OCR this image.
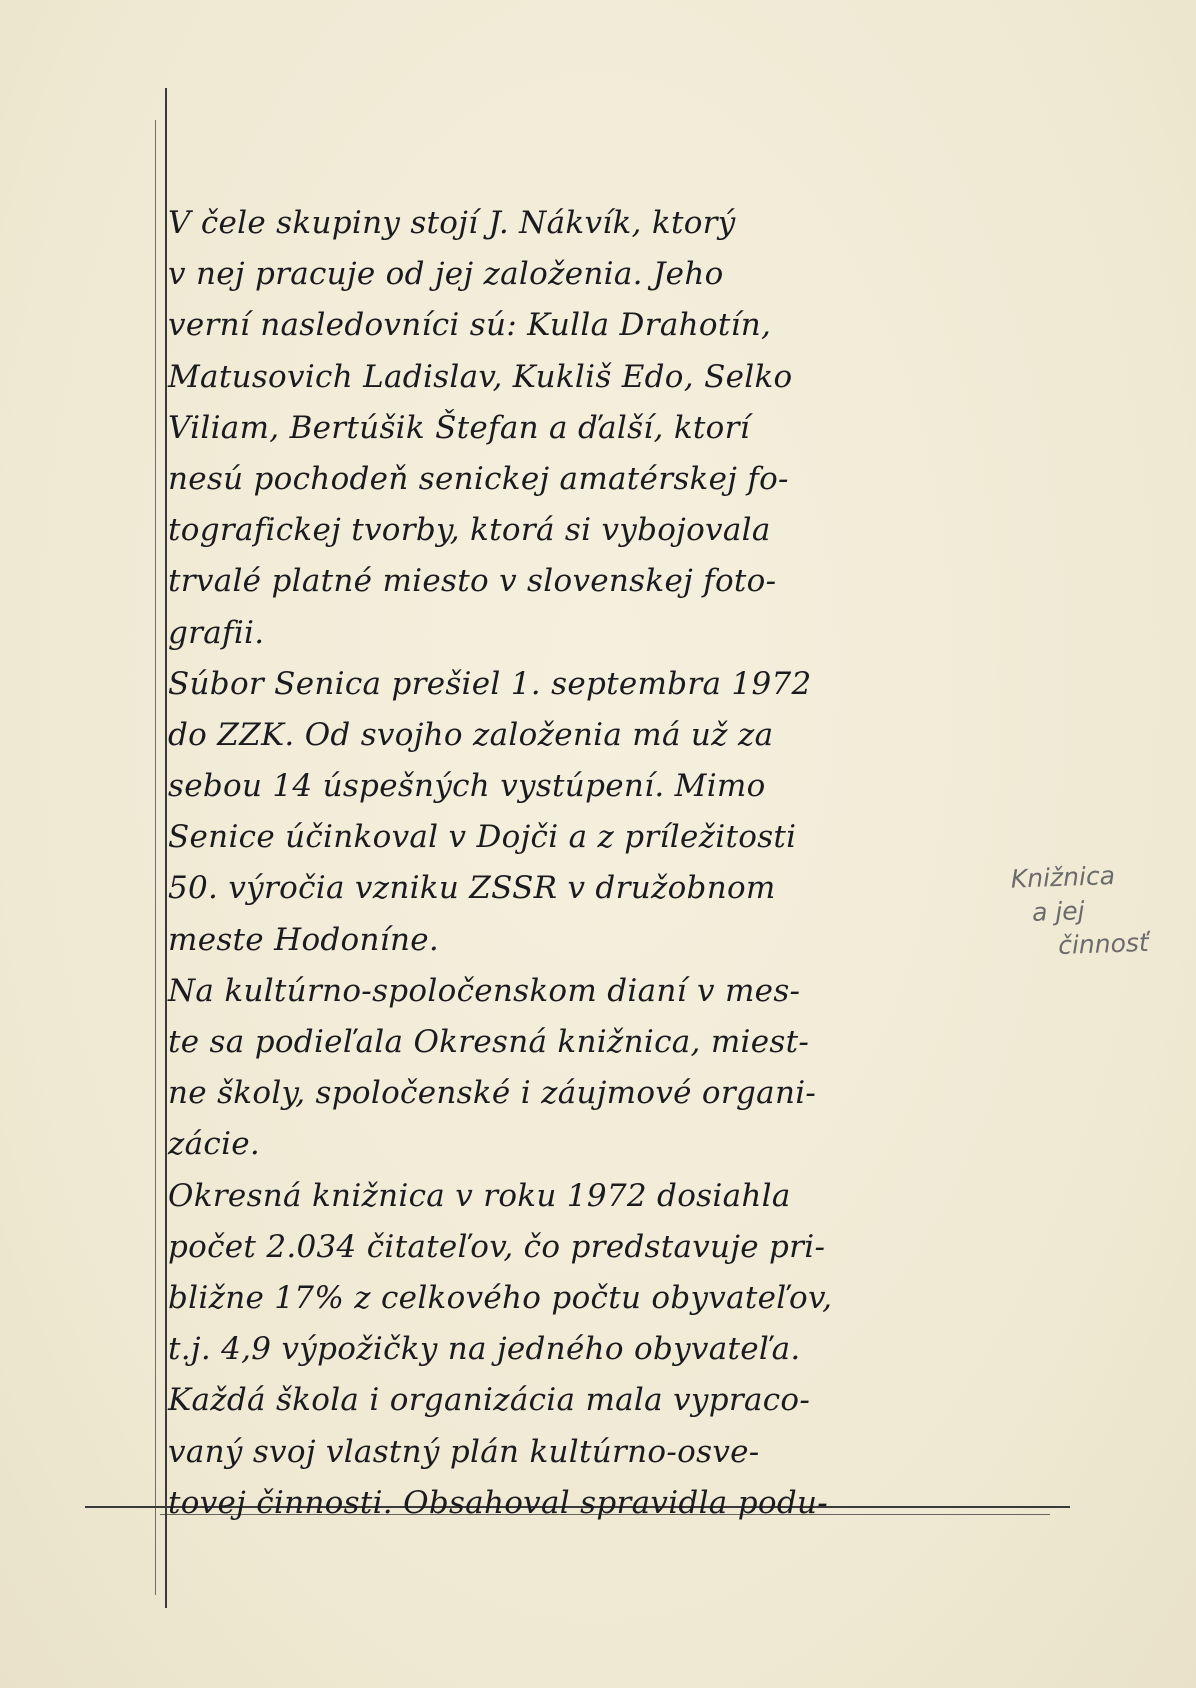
V čele skupiny stojí J. Nákvík, ktorý
v nej pracuje od jej založenia. Jeho
verní nasledovníci sú: Kulla Drahotín,
Matusovich Ladislav, Kukliš Edo, Selko
Viliam, Bertúšik Štefan a ďalší, ktorí
nesú pochodeň senickej amatérskej fo-
tografickej tvorby, ktorá si vybojovala
trvalé platné miesto v slovenskej foto-
grafii.
Súbor Senica prešiel 1. septembra 1972
do ZZK. Od svojho založenia má už za
sebou 14 úspešných vystúpení. Mimo
Senice účinkoval v Dojči a z príležitosti
50. výročia vzniku ZSSR v družobnom
meste Hodoníne.
Na kultúrno-spoločenskom dianí v mes-
te sa podieľala Okresná knižnica, miest-
ne školy, spoločenské i záujmové organi-
zácie.
Okresná knižnica v roku 1972 dosiahla
počet 2.034 čitateľov, čo predstavuje pri-
bližne 17% z celkového počtu obyvateľov,
t.j. 4,9 výpožičky na jedného obyvateľa.
Každá škola i organizácia mala vypraco-
vaný svoj vlastný plán kultúrno-osve-
tovej činnosti. Obsahoval spravidla podu-
Knižnica
a jej
činnosť
